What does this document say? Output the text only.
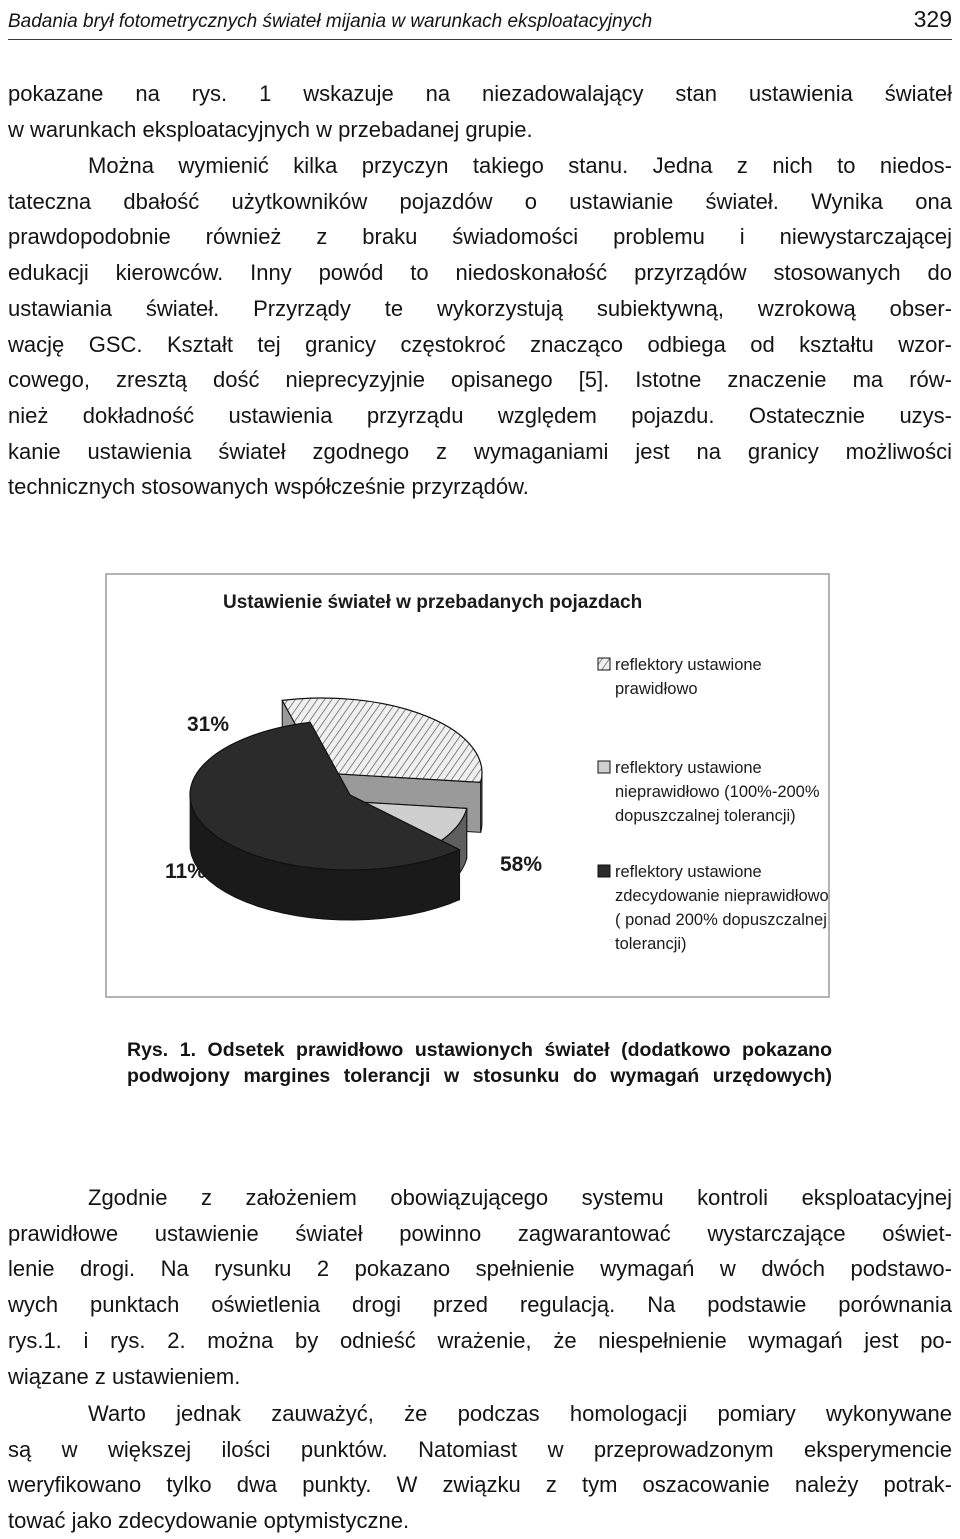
Badania brył fotometrycznych świateł mijania w warunkach eksploatacyjnych	329
pokazane na rys. 1 wskazuje na niezadowalający stan ustawienia świateł
w warunkach eksploatacyjnych w przebadanej grupie.
Można wymienić kilka przyczyn takiego stanu. Jedna z nich to niedos-
tateczna dbałość użytkowników pojazdów o ustawianie świateł. Wynika ona
prawdopodobnie również z braku świadomości problemu i niewystarczającej
edukacji kierowców. Inny powód to niedoskonałość przyrządów stosowanych do
ustawiania świateł. Przyrządy te wykorzystują subiektywną, wzrokową obser-
wację GSC. Kształt tej granicy częstokroć znacząco odbiega od kształtu wzor-
cowego, zresztą dość nieprecyzyjnie opisanego [5]. Istotne znaczenie ma rów-
nież dokładność ustawienia przyrządu względem pojazdu. Ostatecznie uzys-
kanie ustawienia świateł zgodnego z wymaganiami jest na granicy możliwości
technicznych stosowanych współcześnie przyrządów.
Ustawienie świateł w przebadanych pojazdach
31%
11%	58%
reflektory ustawione
prawidłowo
reflektory ustawione
nieprawidłowo (100%-200%
dopuszczalnej tolerancji)
reflektory ustawione
zdecydowanie nieprawidłowo
( ponad 200% dopuszczalnej
tolerancji)
Rys. 1. Odsetek prawidłowo ustawionych świateł (dodatkowo pokazano podwojony margines tolerancji w stosunku do wymagań urzędowych)
Zgodnie z założeniem obowiązującego systemu kontroli eksploatacyjnej
prawidłowe ustawienie świateł powinno zagwarantować wystarczające oświet-
lenie drogi. Na rysunku 2 pokazano spełnienie wymagań w dwóch podstawo-
wych punktach oświetlenia drogi przed regulacją. Na podstawie porównania
rys.1. i rys. 2. można by odnieść wrażenie, że niespełnienie wymagań jest po-
wiązane z ustawieniem.
Warto jednak zauważyć, że podczas homologacji pomiary wykonywane
są w większej ilości punktów. Natomiast w przeprowadzonym eksperymencie
weryfikowano tylko dwa punkty. W związku z tym oszacowanie należy potrak-
tować jako zdecydowanie optymistyczne.
